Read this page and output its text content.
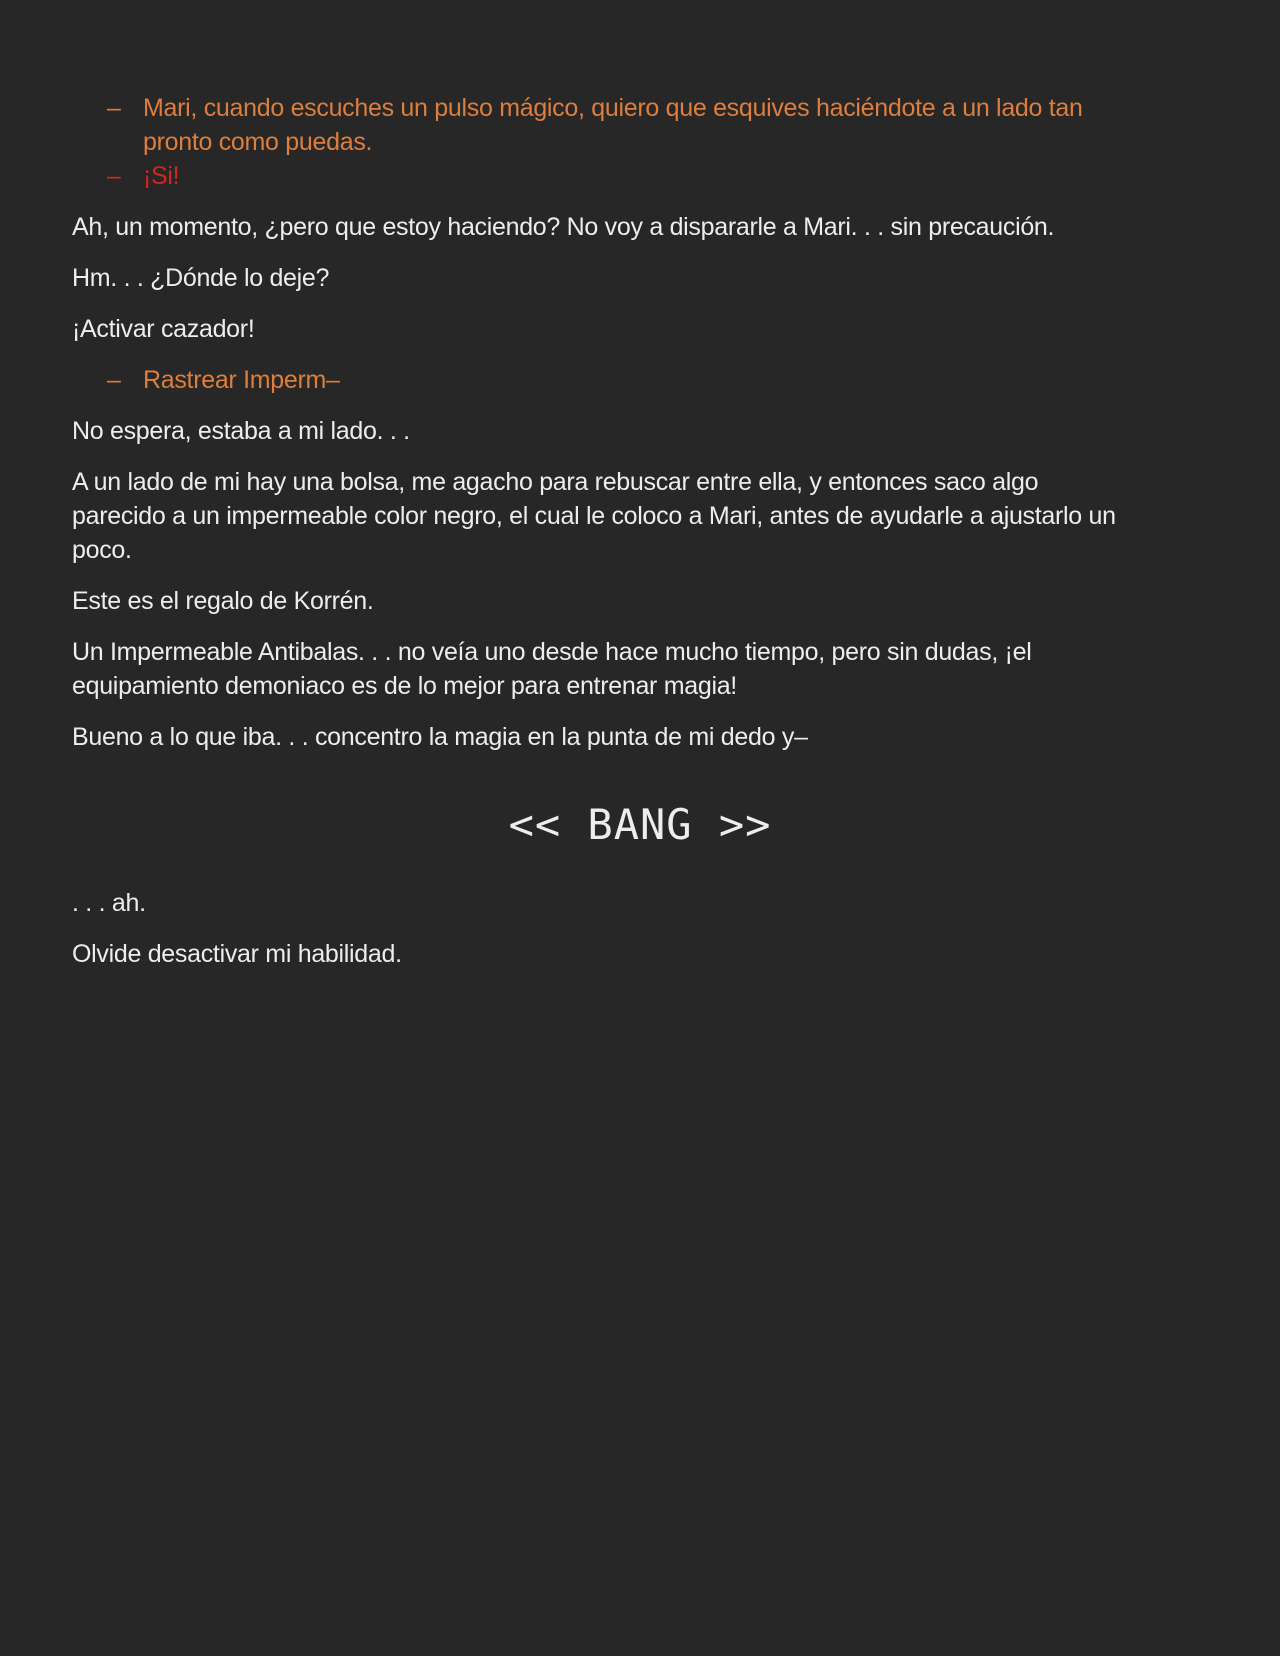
– Mari, cuando escuches un pulso mágico, quiero que esquives haciéndote a un lado tan pronto como puedas.
– ¡Si!

Ah, un momento, ¿pero que estoy haciendo? No voy a dispararle a Mari. . . sin precaución.

Hm. . . ¿Dónde lo deje?

¡Activar cazador!

– Rastrear Imperm–

No espera, estaba a mi lado. . .

A un lado de mi hay una bolsa, me agacho para rebuscar entre ella, y entonces saco algo parecido a un impermeable color negro, el cual le coloco a Mari, antes de ayudarle a ajustarlo un poco.

Este es el regalo de Korrén.

Un Impermeable Antibalas. . . no veía uno desde hace mucho tiempo, pero sin dudas, ¡el equipamiento demoniaco es de lo mejor para entrenar magia!

Bueno a lo que iba. . . concentro la magia en la punta de mi dedo y–

<< BANG >>

. . . ah.

Olvide desactivar mi habilidad.
